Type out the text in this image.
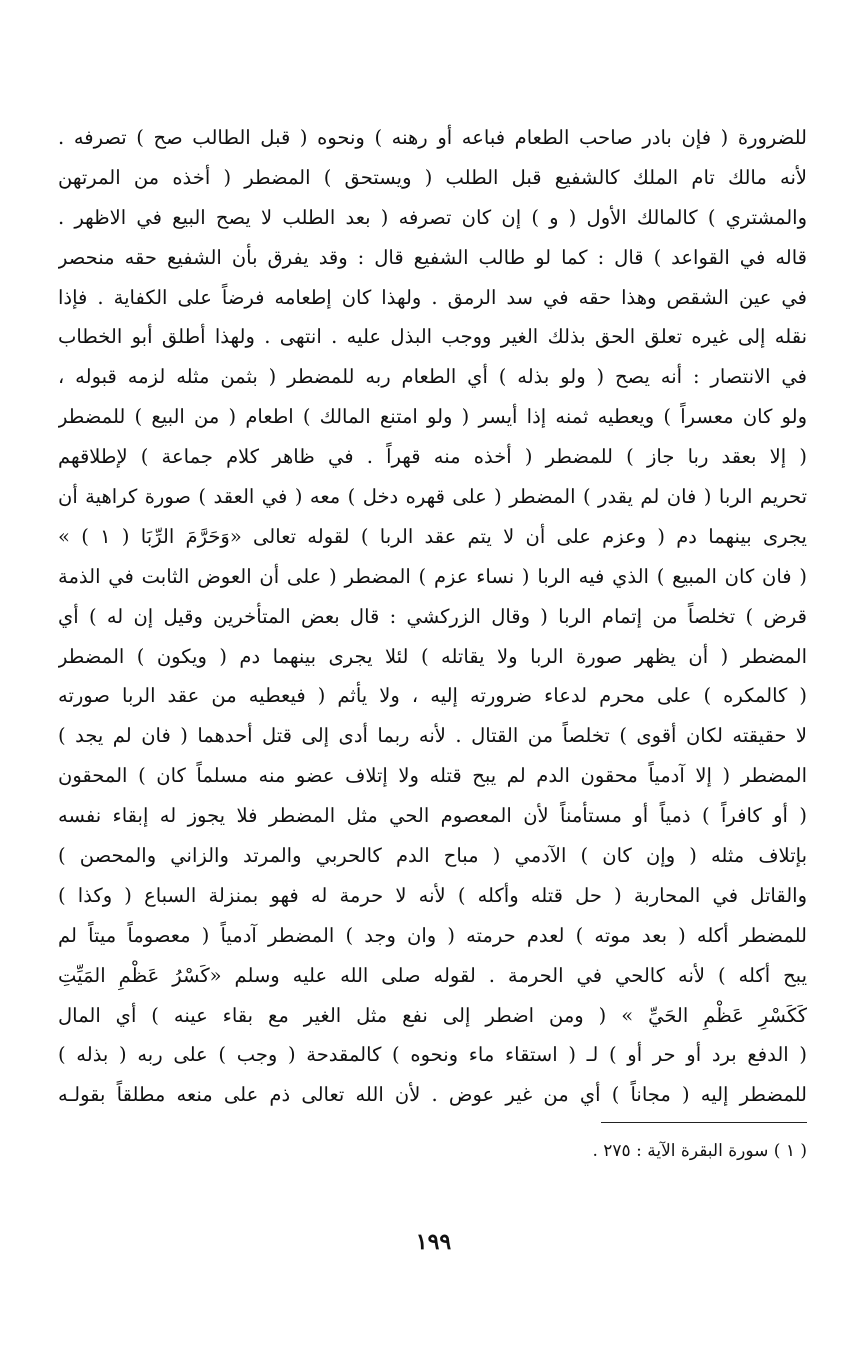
للضرورة ( فإن بادر صاحب الطعام فباعه أو رهنه ) ونحوه ( قبل الطالب صح ) تصرفه .
لأنه مالك تام الملك كالشفيع قبل الطلب ( ويستحق ) المضطر ( أخذه من المرتهن
والمشتري ) كالمالك الأول ( و ) إن كان تصرفه ( بعد الطلب لا يصح البيع في الاظهر .
قاله في القواعد ) قال : كما لو طالب الشفيع قال : وقد يفرق بأن الشفيع حقه منحصر
في عين الشقص وهذا حقه في سد الرمق . ولهذا كان إطعامه فرضاً على الكفاية . فإذا
نقله إلى غيره تعلق الحق بذلك الغير ووجب البذل عليه . انتهى . ولهذا أطلق أبو الخطاب
في الانتصار : أنه يصح ( ولو بذله ) أي الطعام ربه للمضطر ( بثمن مثله لزمه قبوله ،
ولو كان معسراً ) ويعطيه ثمنه إذا أيسر ( ولو امتنع المالك ) اطعام ( من البيع ) للمضطر
( إلا بعقد ربا جاز ) للمضطر ( أخذه منه قهراً . في ظاهر كلام جماعة ) لإطلاقهم
تحريم الربا ( فان لم يقدر ) المضطر ( على قهره دخل ) معه ( في العقد ) صورة كراهية أن
يجرى بينهما دم ( وعزم على أن لا يتم عقد الربا ) لقوله تعالى «وَحَرَّمَ الرِّبَا ( ١ ) »
( فان كان المبيع ) الذي فيه الربا ( نساء عزم ) المضطر ( على أن العوض الثابت في الذمة
قرض ) تخلصاً من إتمام الربا ( وقال الزركشي : قال بعض المتأخرين وقيل إن له ) أي
المضطر ( أن يظهر صورة الربا ولا يقاتله ) لئلا يجرى بينهما دم ( ويكون ) المضطر
( كالمكره ) على محرم لدعاء ضرورته إليه ، ولا يأثم ( فيعطيه من عقد الربا صورته
لا حقيقته لكان أقوى ) تخلصاً من القتال . لأنه ربما أدى إلى قتل أحدهما ( فان لم يجد )
المضطر ( إلا آدمياً محقون الدم لم يبح قتله ولا إتلاف عضو منه مسلماً كان ) المحقون
( أو كافراً ) ذمياً أو مستأمناً لأن المعصوم الحي مثل المضطر فلا يجوز له إبقاء نفسه
بإتلاف مثله ( وإن كان ) الآدمي ( مباح الدم كالحربي والمرتد والزاني والمحصن )
والقاتل في المحاربة ( حل قتله وأكله ) لأنه لا حرمة له فهو بمنزلة السباع ( وكذا )
للمضطر أكله ( بعد موته ) لعدم حرمته ( وان وجد ) المضطر آدمياً ( معصوماً ميتاً لم
يبح أكله ) لأنه كالحي في الحرمة . لقوله صلى الله عليه وسلم «كَسْرُ عَظْمِ المَيِّتِ
كَكَسْرِ عَظْمِ الحَيِّ » ( ومن اضطر إلى نفع مثل الغير مع بقاء عينه ) أي المال
( الدفع برد أو حر أو ) لـ ( استقاء ماء ونحوه ) كالمقدحة ( وجب ) على ربه ( بذله )
للمضطر إليه ( مجاناً ) أي من غير عوض . لأن الله تعالى ذم على منعه مطلقاً بقولـه
( ١ ) سورة البقرة الآية : ٢٧٥ .
١٩٩
